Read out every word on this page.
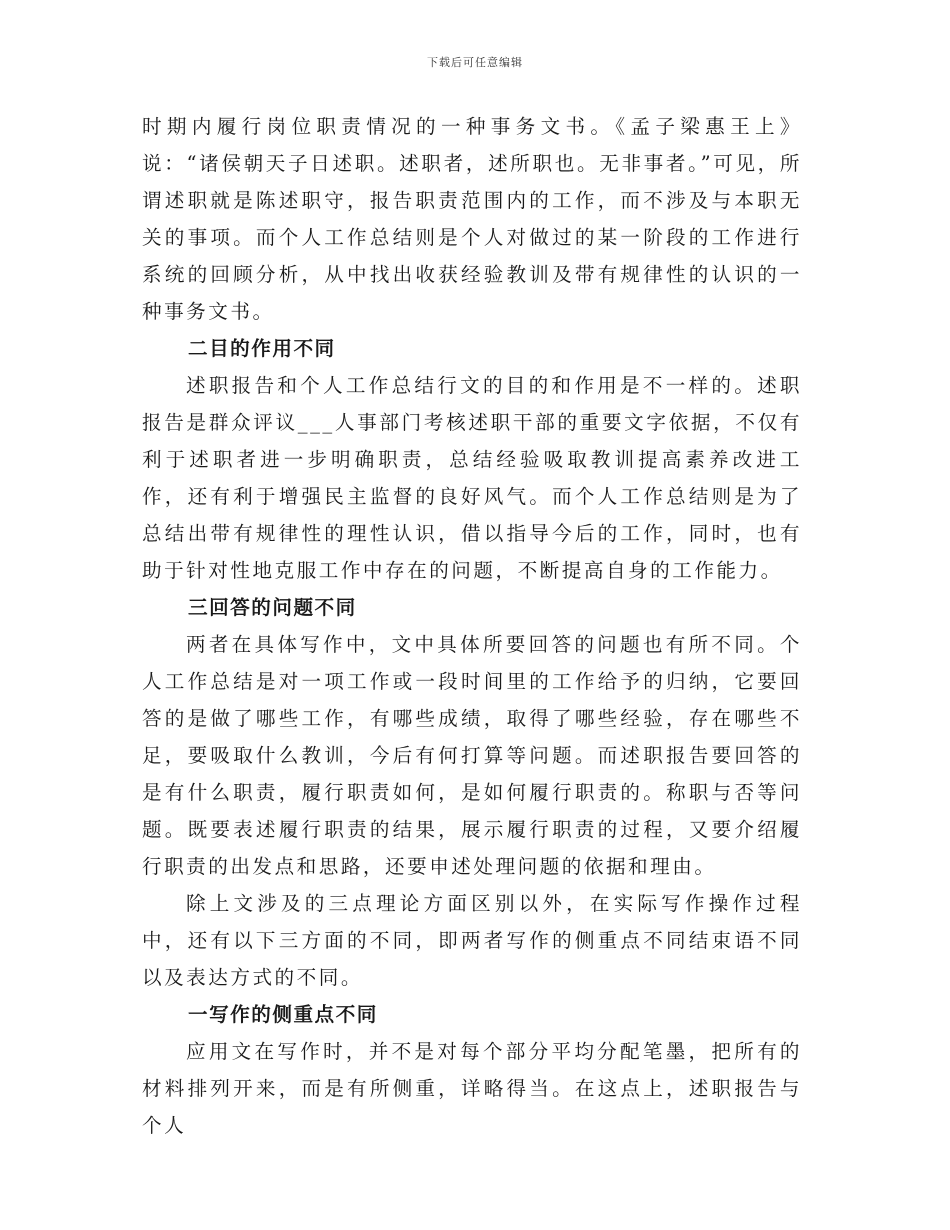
下载后可任意编辑

时期内履行岗位职责情况的一种事务文书。《孟子梁惠王上》说：“诸侯朝天子日述职。述职者，述所职也。无非事者。”可见，所谓述职就是陈述职守，报告职责范围内的工作，而不涉及与本职无关的事项。而个人工作总结则是个人对做过的某一阶段的工作进行系统的回顾分析，从中找出收获经验教训及带有规律性的认识的一种事务文书。

二目的作用不同

述职报告和个人工作总结行文的目的和作用是不一样的。述职报告是群众评议___人事部门考核述职干部的重要文字依据，不仅有利于述职者进一步明确职责，总结经验吸取教训提高素养改进工作，还有利于增强民主监督的良好风气。而个人工作总结则是为了总结出带有规律性的理性认识，借以指导今后的工作，同时，也有助于针对性地克服工作中存在的问题，不断提高自身的工作能力。

三回答的问题不同

两者在具体写作中，文中具体所要回答的问题也有所不同。个人工作总结是对一项工作或一段时间里的工作给予的归纳，它要回答的是做了哪些工作，有哪些成绩，取得了哪些经验，存在哪些不足，要吸取什么教训，今后有何打算等问题。而述职报告要回答的是有什么职责，履行职责如何，是如何履行职责的。称职与否等问题。既要表述履行职责的结果，展示履行职责的过程，又要介绍履行职责的出发点和思路，还要申述处理问题的依据和理由。

除上文涉及的三点理论方面区别以外，在实际写作操作过程中，还有以下三方面的不同，即两者写作的侧重点不同结束语不同以及表达方式的不同。

一写作的侧重点不同

应用文在写作时，并不是对每个部分平均分配笔墨，把所有的材料排列开来，而是有所侧重，详略得当。在这点上，述职报告与个人
